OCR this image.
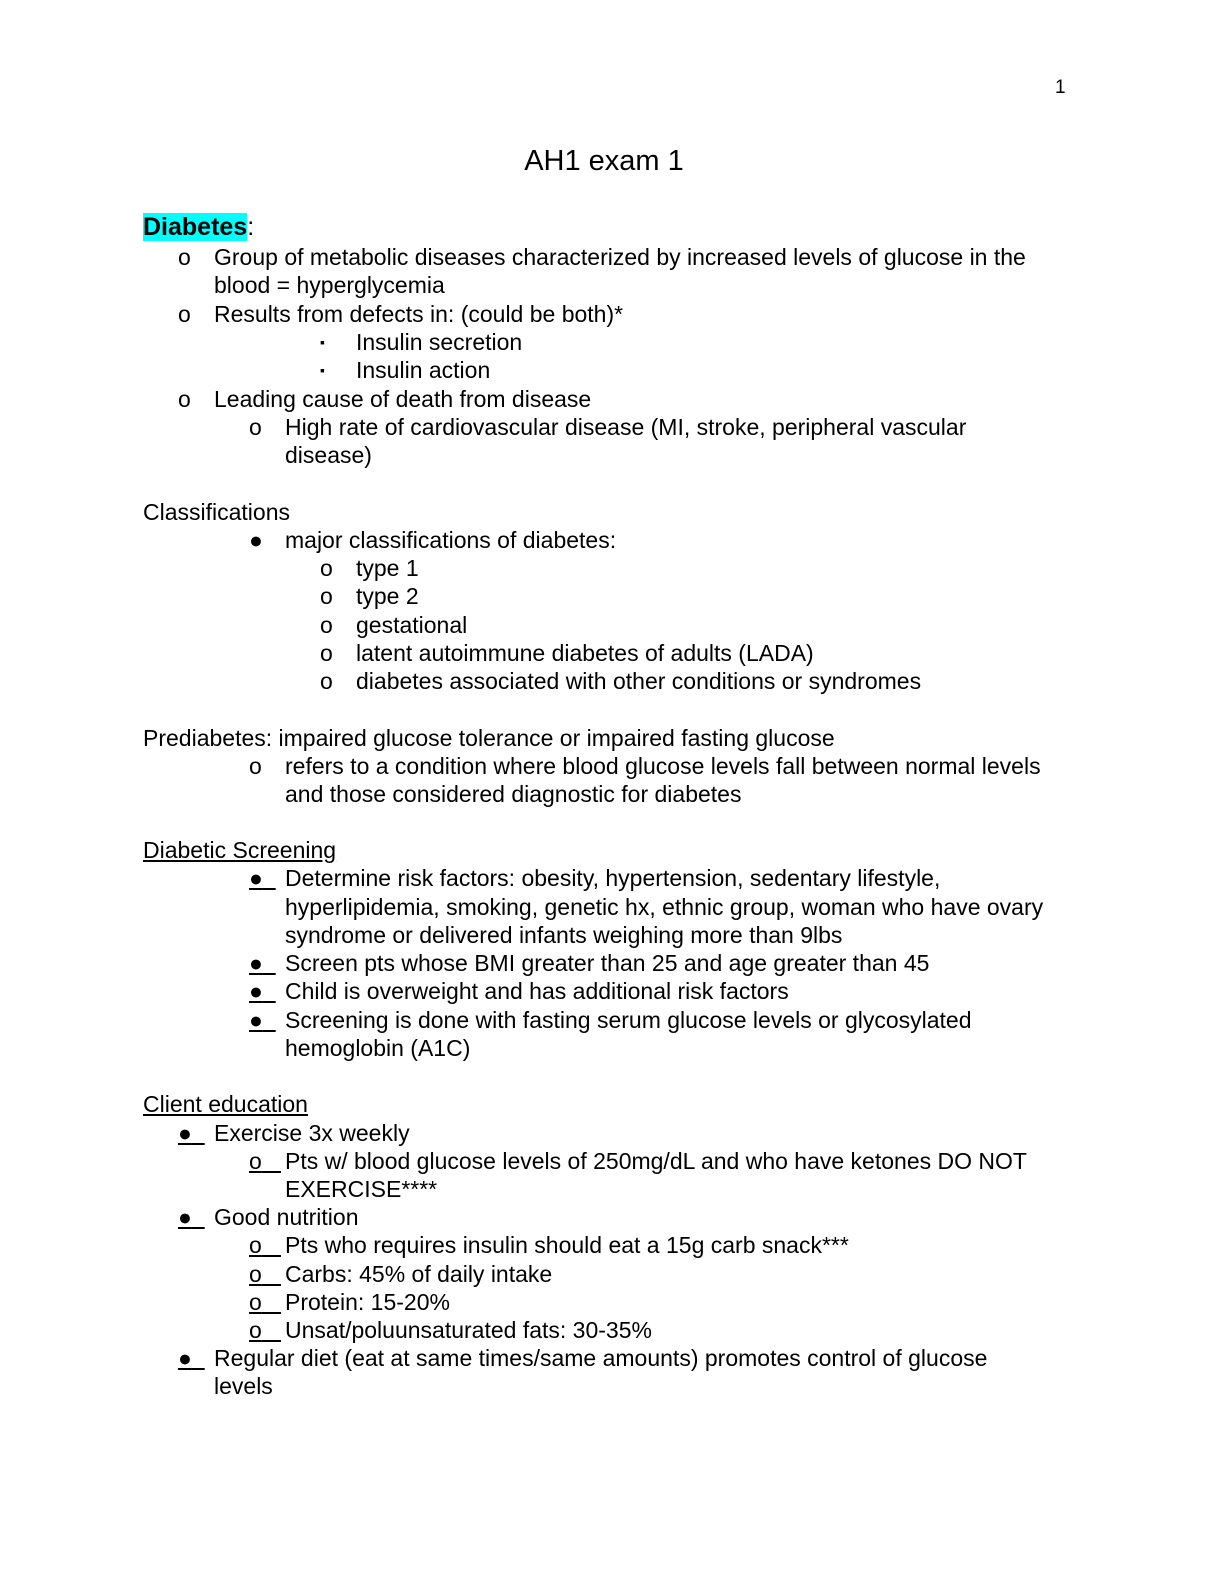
1
AH1 exam 1
Diabetes:
o Group of metabolic diseases characterized by increased levels of glucose in the
blood = hyperglycemia
o Results from defects in: (could be both)*
▪ Insulin secretion
▪ Insulin action
o Leading cause of death from disease
o High rate of cardiovascular disease (MI, stroke, peripheral vascular
disease)
Classifications
● major classifications of diabetes:
o type 1
o type 2
o gestational
o latent autoimmune diabetes of adults (LADA)
o diabetes associated with other conditions or syndromes
Prediabetes: impaired glucose tolerance or impaired fasting glucose
o refers to a condition where blood glucose levels fall between normal levels
and those considered diagnostic for diabetes
Diabetic Screening
● Determine risk factors: obesity, hypertension, sedentary lifestyle,
hyperlipidemia, smoking, genetic hx, ethnic group, woman who have ovary
syndrome or delivered infants weighing more than 9lbs
● Screen pts whose BMI greater than 25 and age greater than 45
● Child is overweight and has additional risk factors
● Screening is done with fasting serum glucose levels or glycosylated
hemoglobin (A1C)
Client education
● Exercise 3x weekly
o	Pts w/ blood glucose levels of 250mg/dL and who have ketones DO NOT
EXERCISE****
● Good nutrition
o	Pts who requires insulin should eat a 15g carb snack***
o	Carbs: 45% of daily intake
o	Protein: 15-20%
o	Unsat/poluunsaturated fats: 30-35%
● Regular diet (eat at same times/same amounts) promotes control of glucose
levels
